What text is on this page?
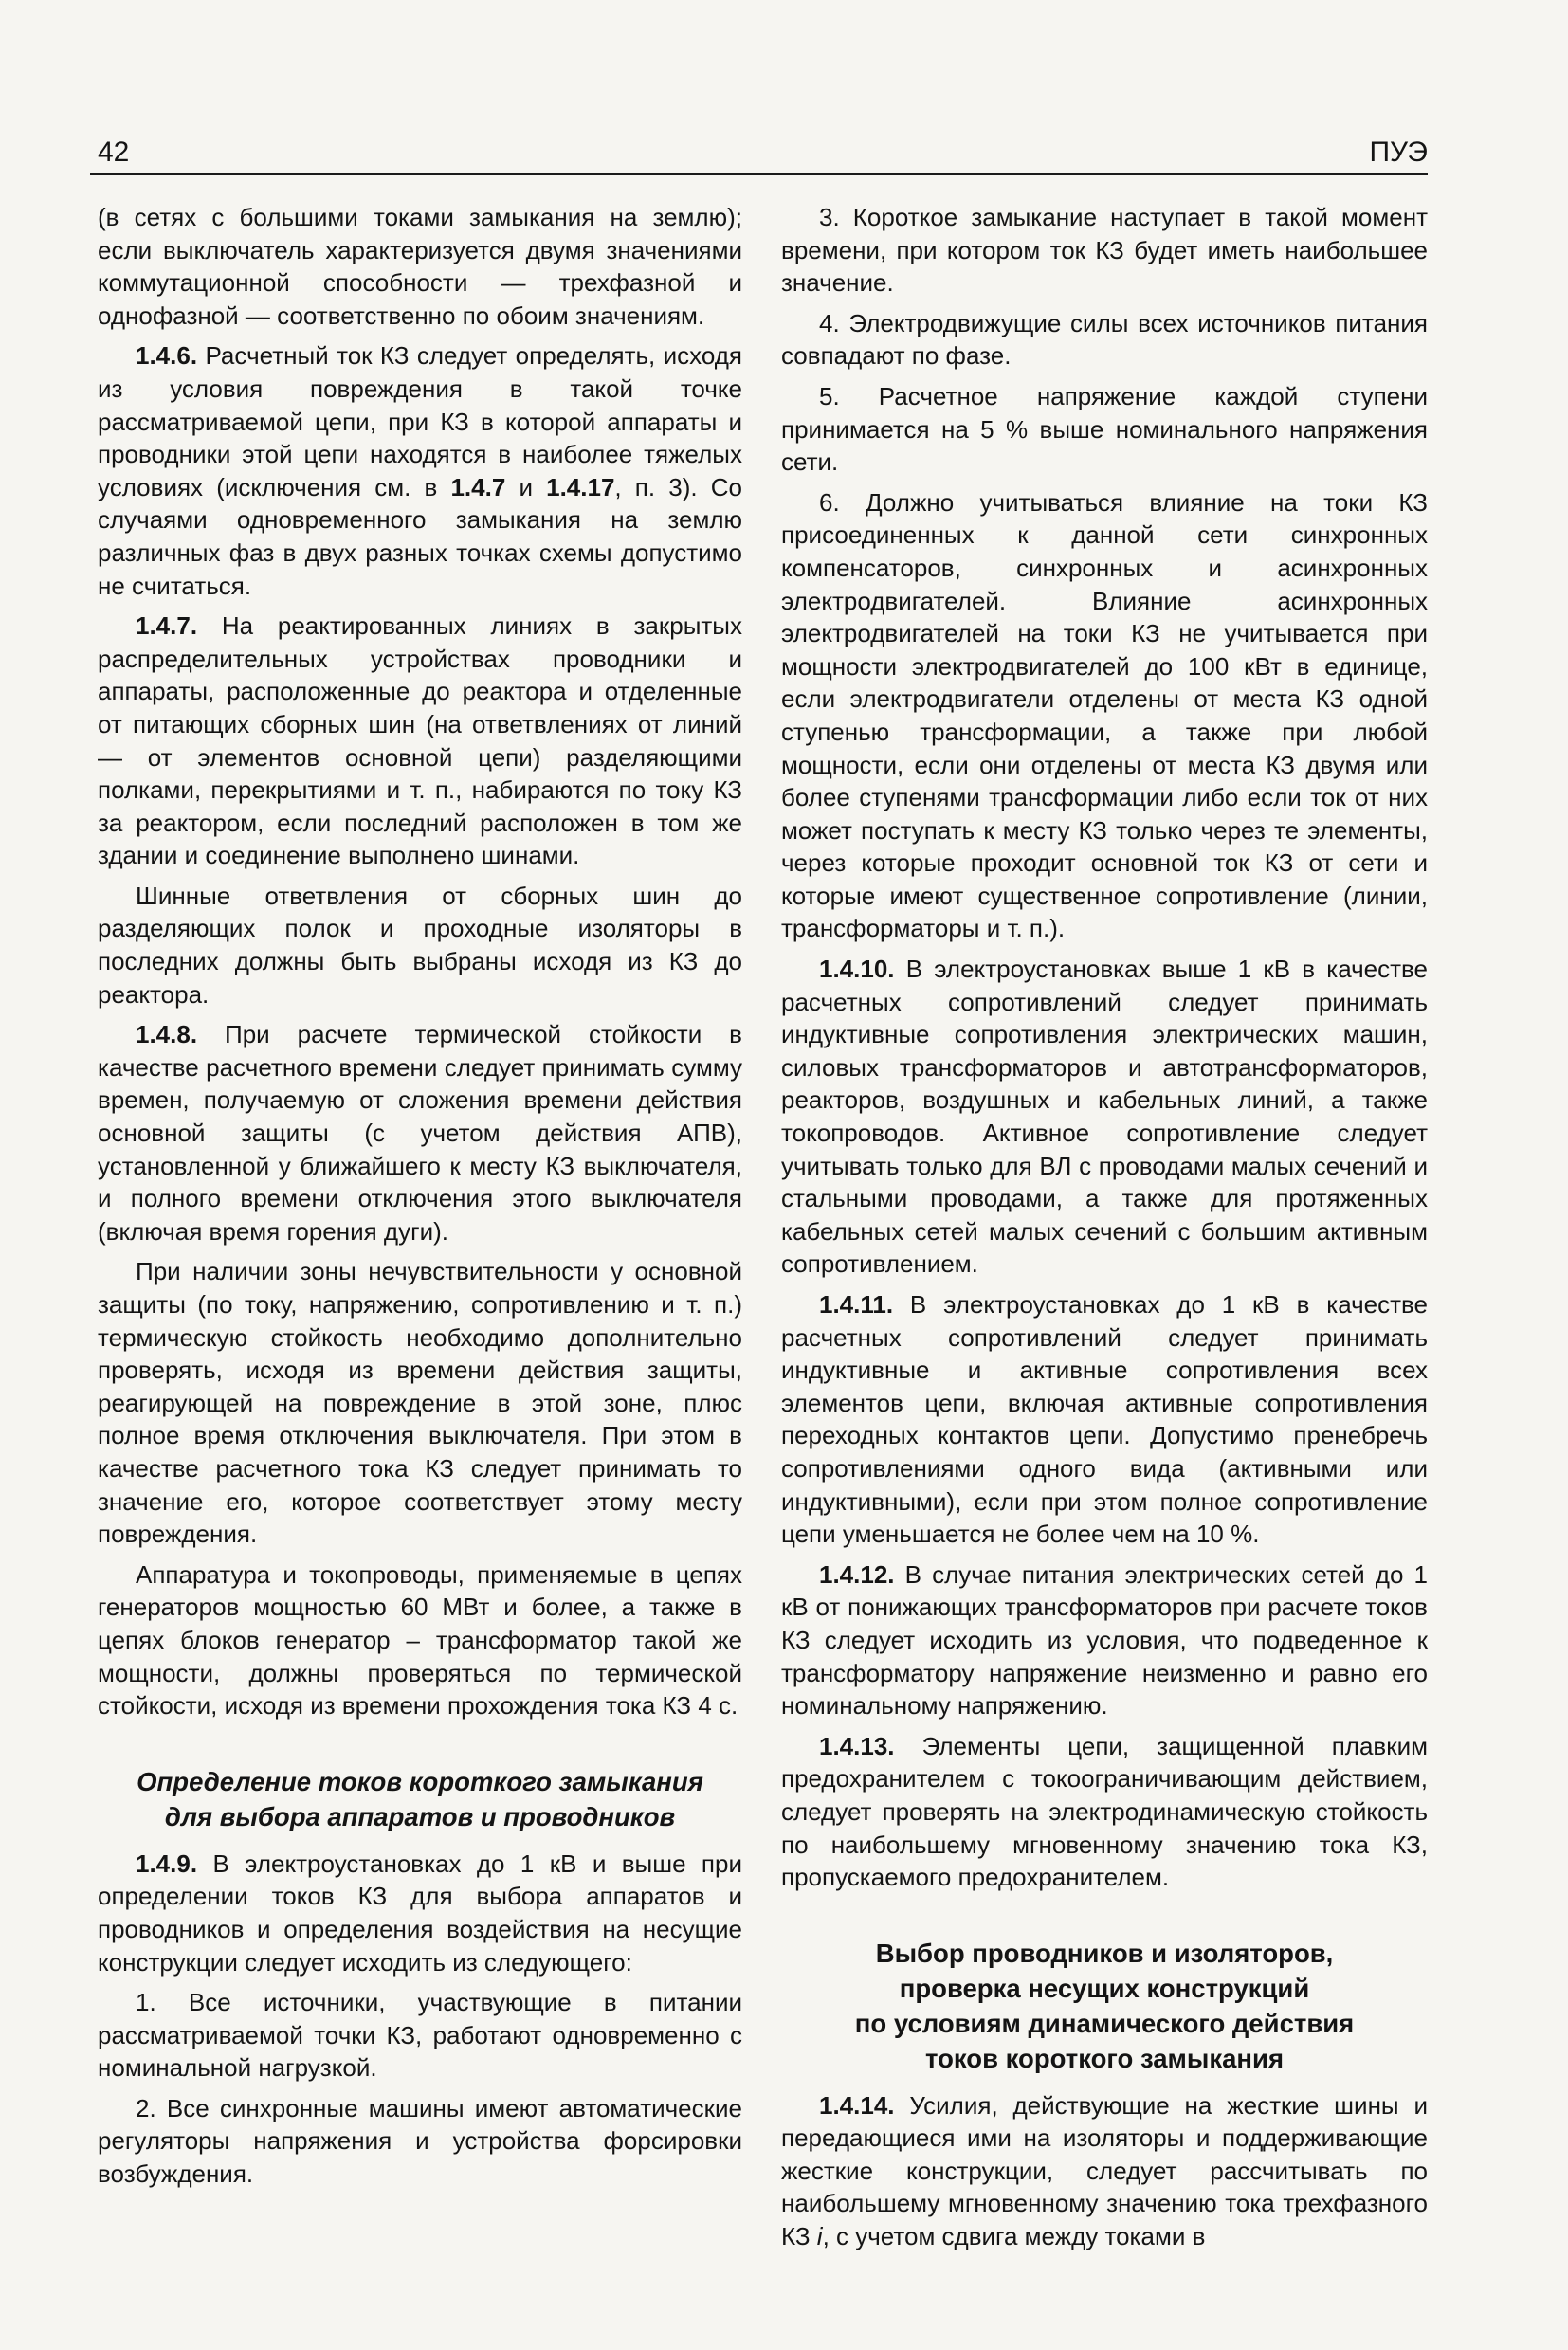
42	ПУЭ

(в сетях с большими токами замыкания на землю); если выключатель характеризуется двумя значениями коммутационной способности — трехфазной и однофазной — соответственно по обоим значениям.

1.4.6. Расчетный ток КЗ следует определять, исходя из условия повреждения в такой точке рассматриваемой цепи, при КЗ в которой аппараты и проводники этой цепи находятся в наиболее тяжелых условиях (исключения см. в 1.4.7 и 1.4.17, п. 3). Со случаями одновременного замыкания на землю различных фаз в двух разных точках схемы допустимо не считаться.

1.4.7. На реактированных линиях в закрытых распределительных устройствах проводники и аппараты, расположенные до реактора и отделенные от питающих сборных шин (на ответвлениях от линий — от элементов основной цепи) разделяющими полками, перекрытиями и т. п., набираются по току КЗ за реактором, если последний расположен в том же здании и соединение выполнено шинами.

Шинные ответвления от сборных шин до разделяющих полок и проходные изоляторы в последних должны быть выбраны исходя из КЗ до реактора.

1.4.8. При расчете термической стойкости в качестве расчетного времени следует принимать сумму времен, получаемую от сложения времени действия основной защиты (с учетом действия АПВ), установленной у ближайшего к месту КЗ выключателя, и полного времени отключения этого выключателя (включая время горения дуги).

При наличии зоны нечувствительности у основной защиты (по току, напряжению, сопротивлению и т. п.) термическую стойкость необходимо дополнительно проверять, исходя из времени действия защиты, реагирующей на повреждение в этой зоне, плюс полное время отключения выключателя. При этом в качестве расчетного тока КЗ следует принимать то значение его, которое соответствует этому месту повреждения.

Аппаратура и токопроводы, применяемые в цепях генераторов мощностью 60 МВт и более, а также в цепях блоков генератор – трансформатор такой же мощности, должны проверяться по термической стойкости, исходя из времени прохождения тока КЗ 4 с.

Определение токов короткого замыкания
для выбора аппаратов и проводников

1.4.9. В электроустановках до 1 кВ и выше при определении токов КЗ для выбора аппаратов и проводников и определения воздействия на несущие конструкции следует исходить из следующего:

1. Все источники, участвующие в питании рассматриваемой точки КЗ, работают одновременно с номинальной нагрузкой.

2. Все синхронные машины имеют автоматические регуляторы напряжения и устройства форсировки возбуждения.

3. Короткое замыкание наступает в такой момент времени, при котором ток КЗ будет иметь наибольшее значение.

4. Электродвижущие силы всех источников питания совпадают по фазе.

5. Расчетное напряжение каждой ступени принимается на 5 % выше номинального напряжения сети.

6. Должно учитываться влияние на токи КЗ присоединенных к данной сети синхронных компенсаторов, синхронных и асинхронных электродвигателей. Влияние асинхронных электродвигателей на токи КЗ не учитывается при мощности электродвигателей до 100 кВт в единице, если электродвигатели отделены от места КЗ одной ступенью трансформации, а также при любой мощности, если они отделены от места КЗ двумя или более ступенями трансформации либо если ток от них может поступать к месту КЗ только через те элементы, через которые проходит основной ток КЗ от сети и которые имеют существенное сопротивление (линии, трансформаторы и т. п.).

1.4.10. В электроустановках выше 1 кВ в качестве расчетных сопротивлений следует принимать индуктивные сопротивления электрических машин, силовых трансформаторов и автотрансформаторов, реакторов, воздушных и кабельных линий, а также токопроводов. Активное сопротивление следует учитывать только для ВЛ с проводами малых сечений и стальными проводами, а также для протяженных кабельных сетей малых сечений с большим активным сопротивлением.

1.4.11. В электроустановках до 1 кВ в качестве расчетных сопротивлений следует принимать индуктивные и активные сопротивления всех элементов цепи, включая активные сопротивления переходных контактов цепи. Допустимо пренебречь сопротивлениями одного вида (активными или индуктивными), если при этом полное сопротивление цепи уменьшается не более чем на 10 %.

1.4.12. В случае питания электрических сетей до 1 кВ от понижающих трансформаторов при расчете токов КЗ следует исходить из условия, что подведенное к трансформатору напряжение неизменно и равно его номинальному напряжению.

1.4.13. Элементы цепи, защищенной плавким предохранителем с токоограничивающим действием, следует проверять на электродинамическую стойкость по наибольшему мгновенному значению тока КЗ, пропускаемого предохранителем.

Выбор проводников и изоляторов,
проверка несущих конструкций
по условиям динамического действия
токов короткого замыкания

1.4.14. Усилия, действующие на жесткие шины и передающиеся ими на изоляторы и поддерживающие жесткие конструкции, следует рассчитывать по наибольшему мгновенному значению тока трехфазного КЗ i, с учетом сдвига между токами в
